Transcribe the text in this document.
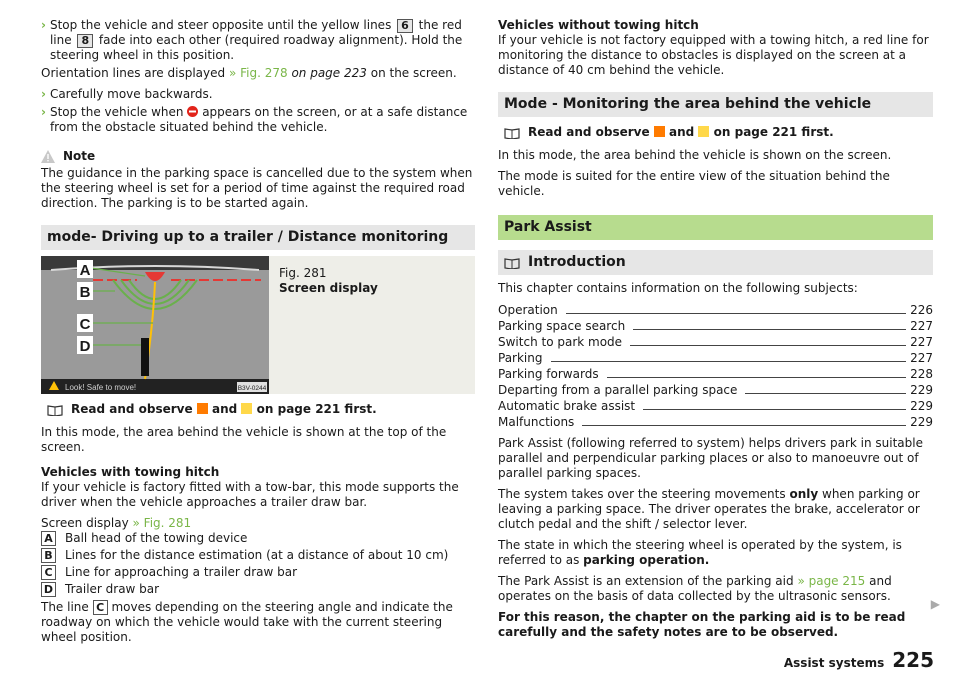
› Stop the vehicle and steer opposite until the yellow lines 6 the red line 8 fade into each other (required roadway alignment). Hold the steering wheel in this position.

Orientation lines are displayed » Fig. 278 on page 223 on the screen.

› Carefully move backwards.
› Stop the vehicle when appears on the screen, or at a safe distance from the obstacle situated behind the vehicle.
Note

The guidance in the parking space is cancelled due to the system when the steering wheel is set for a period of time against the required road direction. The parking is to be started again.

mode- Driving up to a trailer / Distance monitoring
A
B
C
D
Look! Safe to move!	B3V-0244
Fig. 281
Screen display
Read and observe and on page 221 first.

In this mode, the area behind the vehicle is shown at the top of the screen.

Vehicles with towing hitch

If your vehicle is factory fitted with a tow-bar, this mode supports the driver when the vehicle approaches a trailer draw bar.

Screen display » Fig. 281
A Ball head of the towing device
B Lines for the distance estimation (at a distance of about 10 cm)
C Line for approaching a trailer draw bar
D Trailer draw bar

The line C moves depending on the steering angle and indicate the roadway on which the vehicle would take with the current steering wheel position.

Vehicles without towing hitch

If your vehicle is not factory equipped with a towing hitch, a red line for monitoring the distance to obstacles is displayed on the screen at a distance of 40 cm behind the vehicle.

Mode - Monitoring the area behind the vehicle
Read and observe and on page 221 first.

In this mode, the area behind the vehicle is shown on the screen.

The mode is suited for the entire view of the situation behind the vehicle.

Park Assist
Introduction

This chapter contains information on the following subjects:

Operation	226
Parking space search	227
Switch to park mode	227
Parking	227
Parking forwards	228
Departing from a parallel parking space	229
Automatic brake assist	229
Malfunctions	229

Park Assist (following referred to system) helps drivers park in suitable parallel and perpendicular parking places or also to manoeuvre out of parallel parking spaces.

The system takes over the steering movements only when parking or leaving a parking space. The driver operates the brake, accelerator or clutch pedal and the shift / selector lever.

The state in which the steering wheel is operated by the system, is referred to as parking operation.

The Park Assist is an extension of the parking aid » page 215 and operates on the basis of data collected by the ultrasonic sensors.

For this reason, the chapter on the parking aid is to be read carefully and the safety notes are to be observed.

▶
Assist systems 225
